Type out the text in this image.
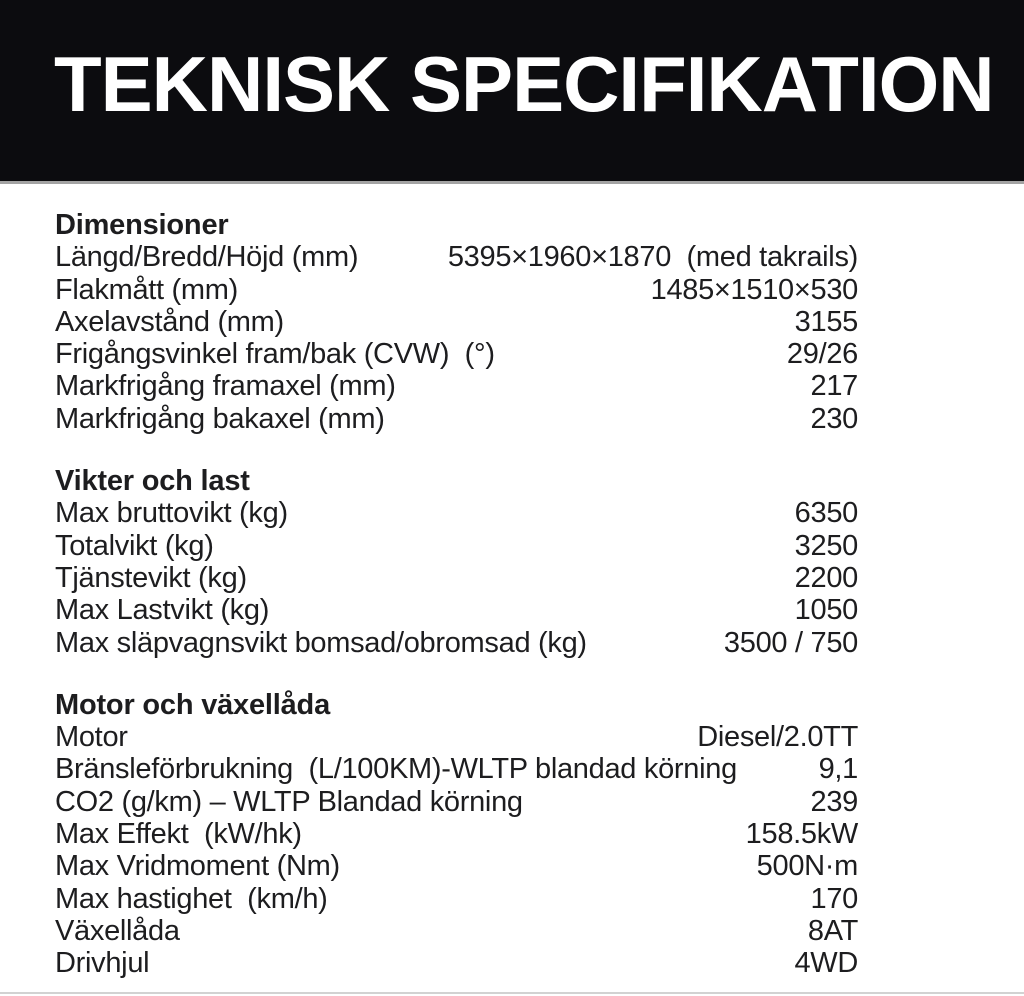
TEKNISK SPECIFIKATION
Dimensioner
Längd/Bredd/Höjd (mm)	5395×1960×1870  (med takrails)
Flakmått (mm)	1485×1510×530
Axelavstånd (mm)	3155
Frigångsvinkel fram/bak (CVW)  (°)	29/26
Markfrigång framaxel (mm)	217
Markfrigång bakaxel (mm)	230
Vikter och last
Max bruttovikt (kg)	6350
Totalvikt (kg)	3250
Tjänstevikt (kg)	2200
Max Lastvikt (kg)	1050
Max släpvagnsvikt bomsad/obromsad (kg)	3500 / 750
Motor och växellåda
Motor	Diesel/2.0TT
Bränsleförbrukning  (L/100KM)-WLTP blandad körning	9,1
CO2 (g/km) – WLTP Blandad körning	239
Max Effekt  (kW/hk)	158.5kW
Max Vridmoment (Nm)	500N·m
Max hastighet  (km/h)	170
Växellåda	8AT
Drivhjul	4WD
